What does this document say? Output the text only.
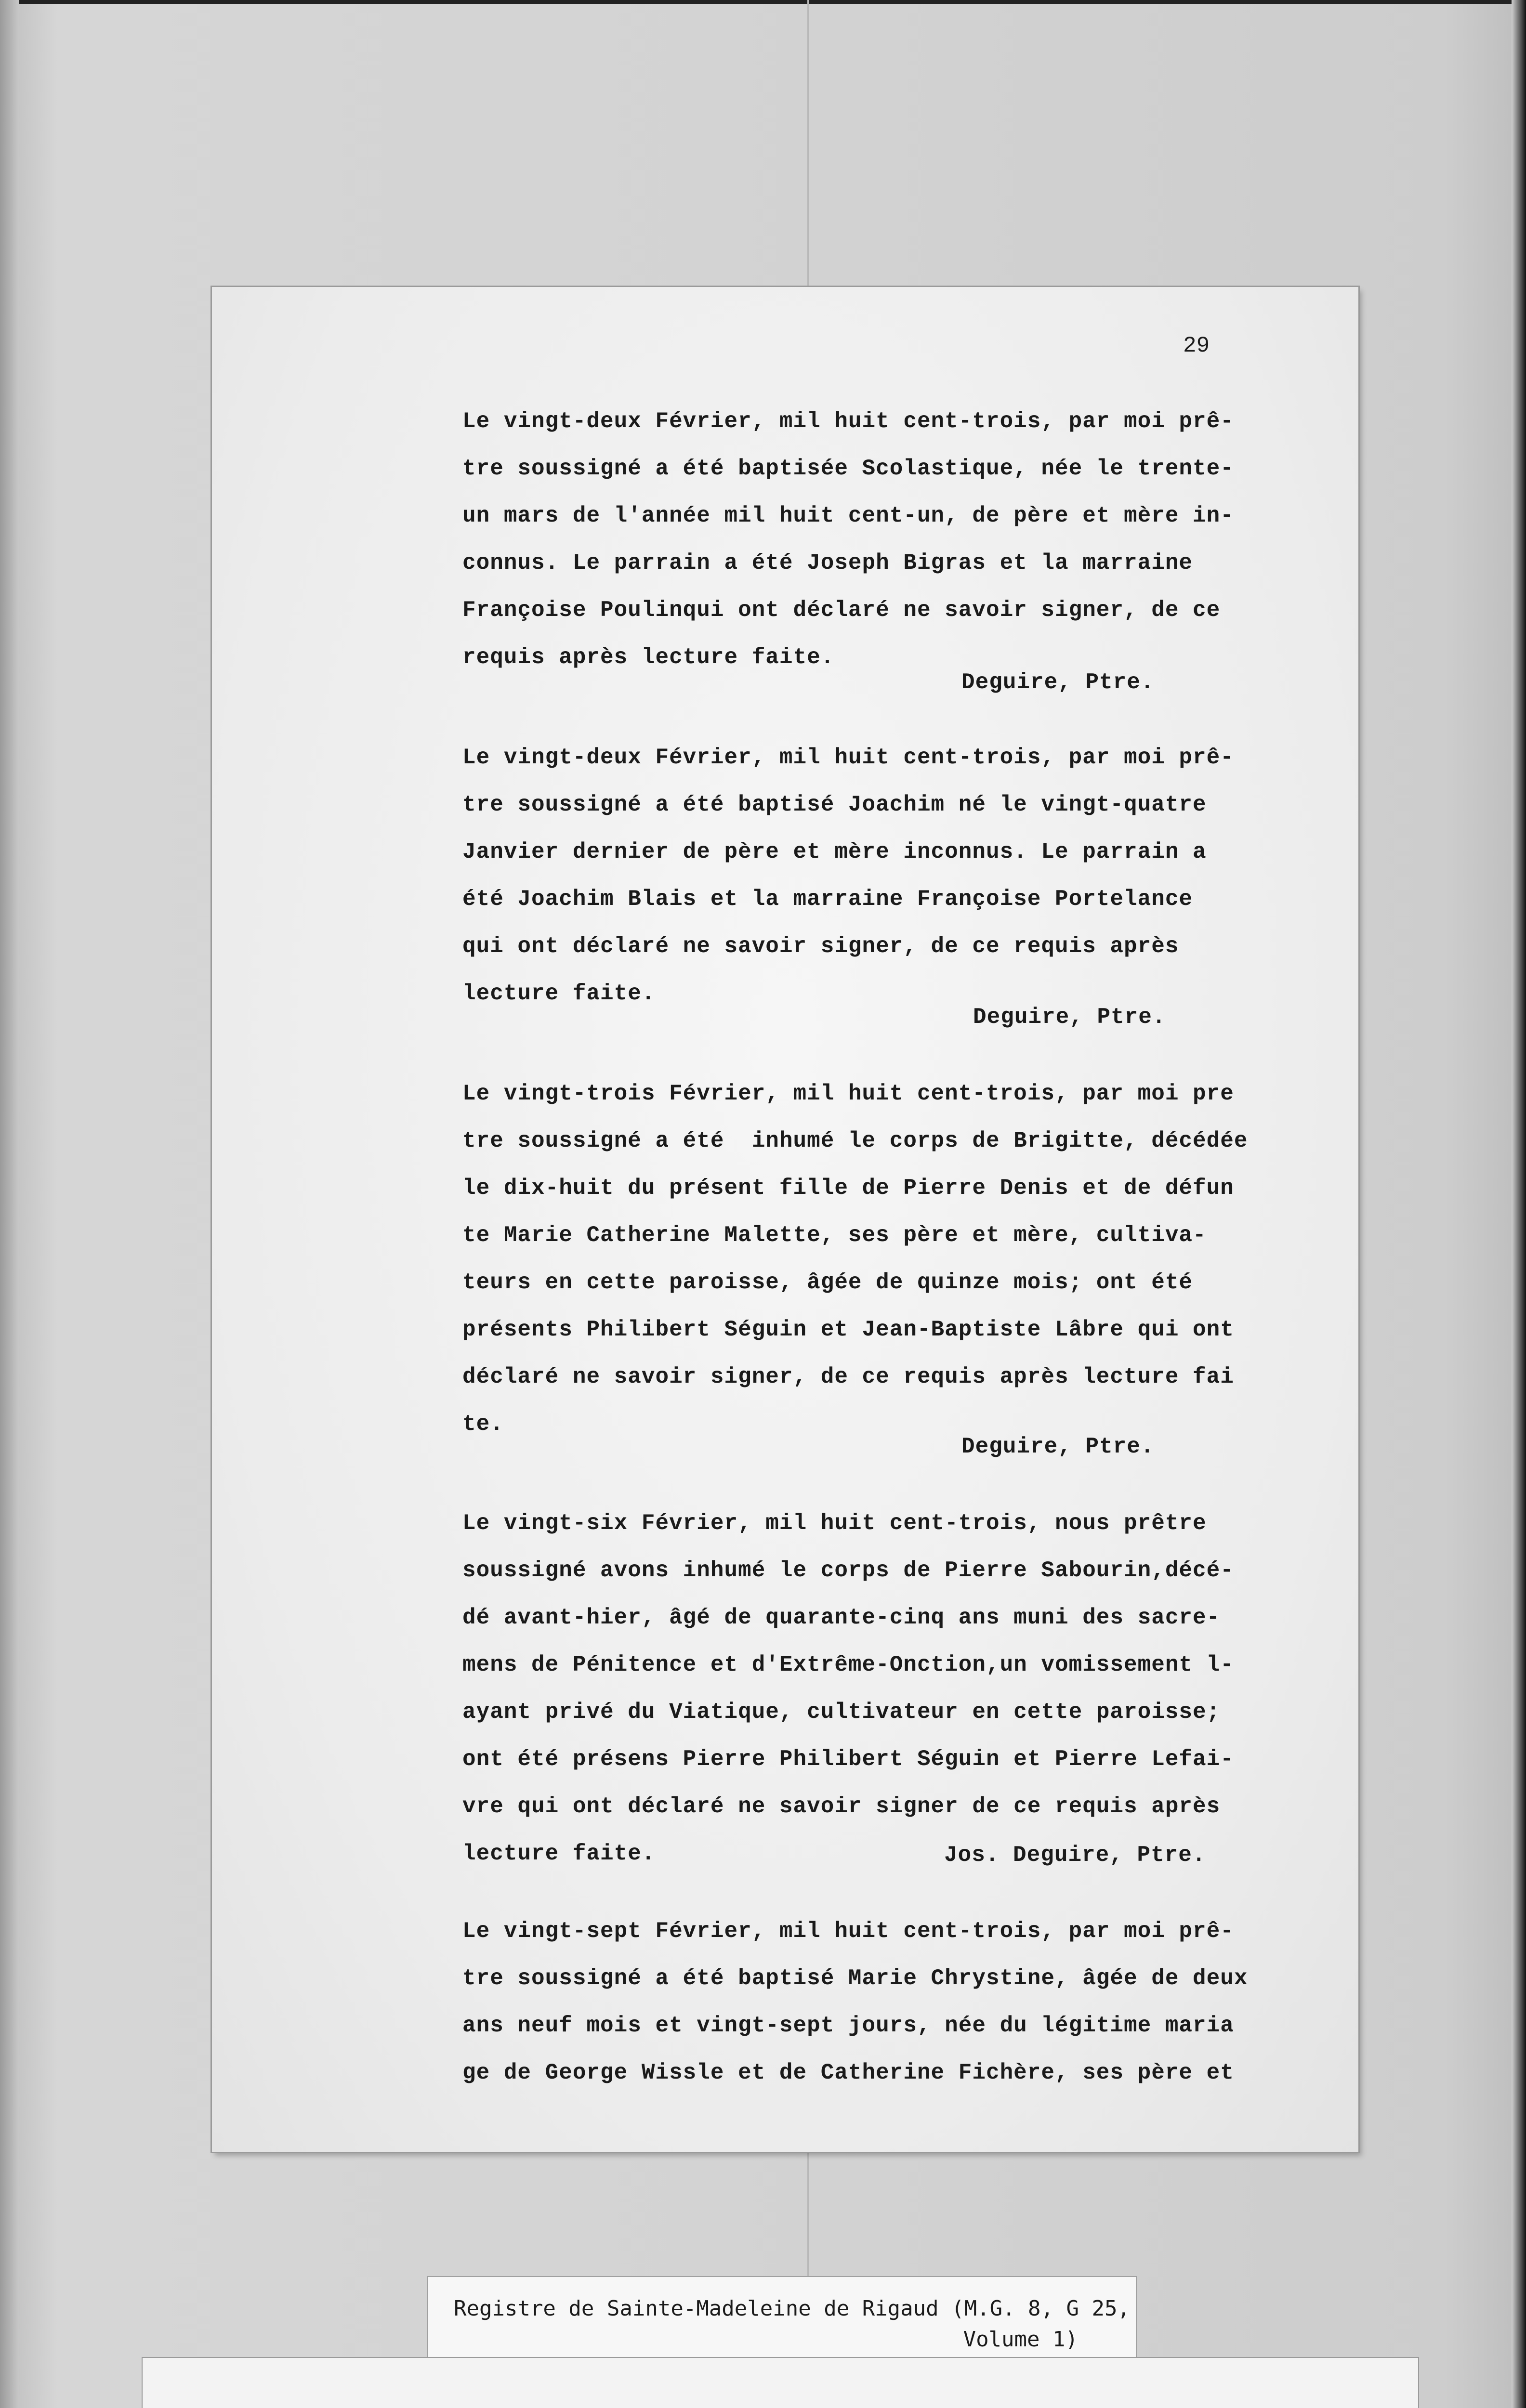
29
Le vingt-deux Février, mil huit cent-trois, par moi prê-
tre soussigné a été baptisée Scolastique, née le trente-
un mars de l'année mil huit cent-un, de père et mère in-
connus. Le parrain a été Joseph Bigras et la marraine
Françoise Poulinqui ont déclaré ne savoir signer, de ce
requis après lecture faite.
Deguire, Ptre.
Le vingt-deux Février, mil huit cent-trois, par moi prê-
tre soussigné a été baptisé Joachim né le vingt-quatre
Janvier dernier de père et mère inconnus. Le parrain a
été Joachim Blais et la marraine Françoise Portelance
qui ont déclaré ne savoir signer, de ce requis après
lecture faite.
Deguire, Ptre.
Le vingt-trois Février, mil huit cent-trois, par moi pre
tre soussigné a été  inhumé le corps de Brigitte, décédée
le dix-huit du présent fille de Pierre Denis et de défun
te Marie Catherine Malette, ses père et mère, cultiva-
teurs en cette paroisse, âgée de quinze mois; ont été
présents Philibert Séguin et Jean-Baptiste Lâbre qui ont
déclaré ne savoir signer, de ce requis après lecture fai
te.
Deguire, Ptre.
Le vingt-six Février, mil huit cent-trois, nous prêtre
soussigné avons inhumé le corps de Pierre Sabourin,décé-
dé avant-hier, âgé de quarante-cinq ans muni des sacre-
mens de Pénitence et d'Extrême-Onction,un vomissement l-
ayant privé du Viatique, cultivateur en cette paroisse;
ont été présens Pierre Philibert Séguin et Pierre Lefai-
vre qui ont déclaré ne savoir signer de ce requis après
lecture faite.	Jos. Deguire, Ptre.
Le vingt-sept Février, mil huit cent-trois, par moi prê-
tre soussigné a été baptisé Marie Chrystine, âgée de deux
ans neuf mois et vingt-sept jours, née du légitime maria
ge de George Wissle et de Catherine Fichère, ses père et
Registre de Sainte-Madeleine de Rigaud (M.G. 8, G 25,
Volume 1)
